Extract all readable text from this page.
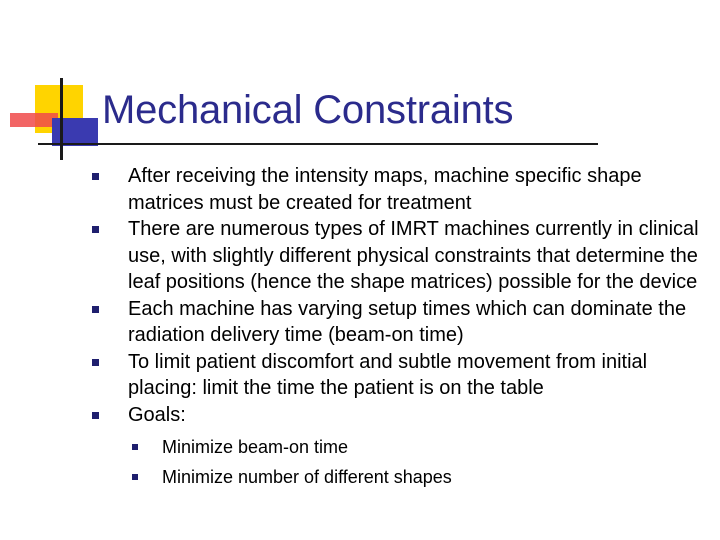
Mechanical Constraints
After receiving the intensity maps, machine specific shape matrices must be created for treatment
There are numerous types of IMRT machines currently in clinical use, with slightly different physical constraints that determine the leaf positions (hence the shape matrices) possible for the device
Each machine has varying setup times which can dominate the radiation delivery time (beam-on time)
To limit patient discomfort and subtle movement from initial placing: limit the time the patient is on the table
Goals:
Minimize beam-on time
Minimize number of different shapes
